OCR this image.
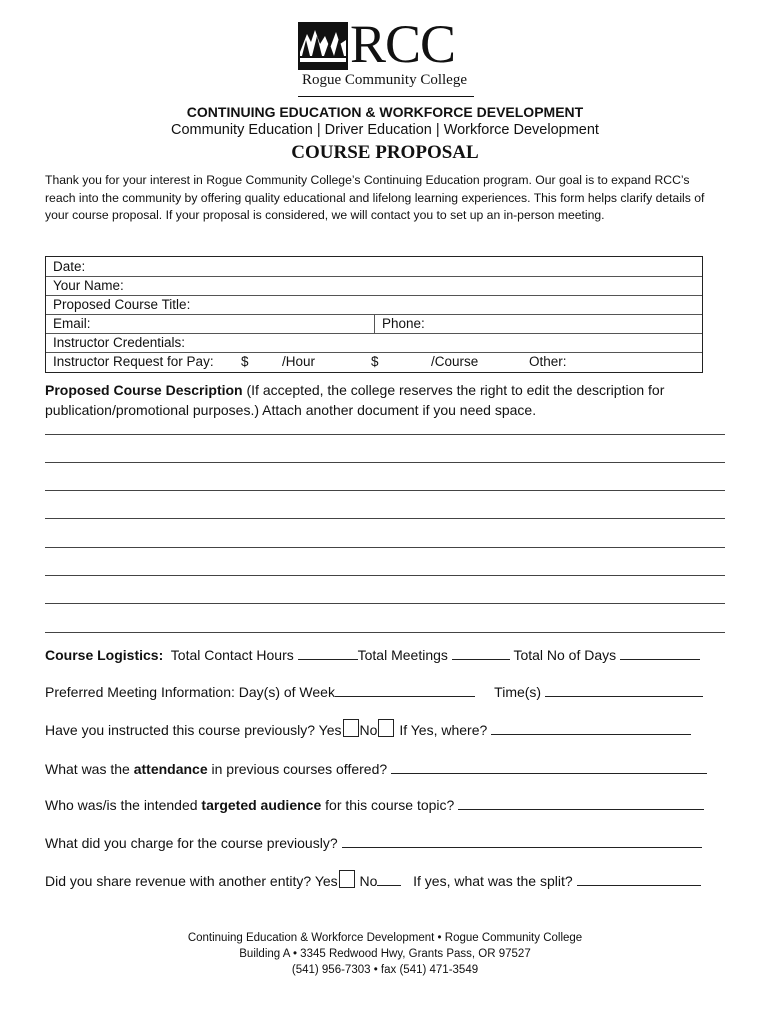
RCC
Rogue Community College
CONTINUING EDUCATION & WORKFORCE DEVELOPMENT
Community Education | Driver Education | Workforce Development
COURSE PROPOSAL
Thank you for your interest in Rogue Community College’s Continuing Education program. Our goal is to expand RCC’s reach into the community by offering quality educational and lifelong learning experiences. This form helps clarify details of your course proposal. If your proposal is considered, we will contact you to set up an in-person meeting.
Date:
Your Name:
Proposed Course Title:
Email:	Phone:
Instructor Credentials:
Instructor Request for Pay: $ /Hour	$	/Course	Other:
Proposed Course Description (If accepted, the college reserves the right to edit the description for publication/promotional purposes.) Attach another document if you need space.
Course Logistics: Total Contact Hours	Total Meetings	Total No of Days
Preferred Meeting Information: Day(s) of Week	Time(s)
Have you instructed this course previously? Yes No If Yes, where?
What was the attendance in previous courses offered?
Who was/is the intended targeted audience for this course topic?
What did you charge for the course previously?
Did you share revenue with another entity? Yes No	If yes, what was the split?
Continuing Education & Workforce Development • Rogue Community College
Building A • 3345 Redwood Hwy, Grants Pass, OR 97527
(541) 956-7303 • fax (541) 471-3549
